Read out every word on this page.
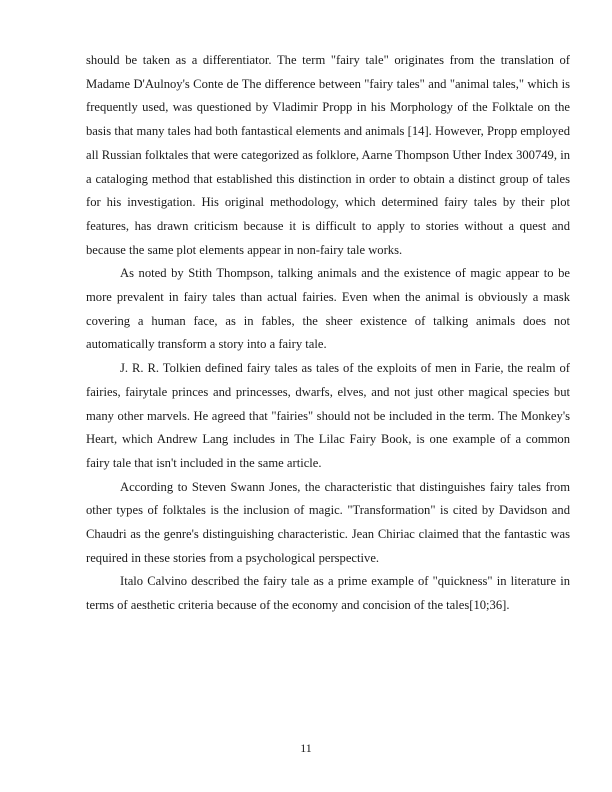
should be taken as a differentiator. The term "fairy tale" originates from the translation of Madame D'Aulnoy's Conte de The difference between "fairy tales" and "animal tales," which is frequently used, was questioned by Vladimir Propp in his Morphology of the Folktale on the basis that many tales had both fantastical elements and animals [14]. However, Propp employed all Russian folktales that were categorized as folklore, Aarne Thompson Uther Index 300749, in a cataloging method that established this distinction in order to obtain a distinct group of tales for his investigation. His original methodology, which determined fairy tales by their plot features, has drawn criticism because it is difficult to apply to stories without a quest and because the same plot elements appear in non-fairy tale works.

As noted by Stith Thompson, talking animals and the existence of magic appear to be more prevalent in fairy tales than actual fairies. Even when the animal is obviously a mask covering a human face, as in fables, the sheer existence of talking animals does not automatically transform a story into a fairy tale.

J. R. R. Tolkien defined fairy tales as tales of the exploits of men in Farie, the realm of fairies, fairytale princes and princesses, dwarfs, elves, and not just other magical species but many other marvels. He agreed that "fairies" should not be included in the term. The Monkey's Heart, which Andrew Lang includes in The Lilac Fairy Book, is one example of a common fairy tale that isn't included in the same article.

According to Steven Swann Jones, the characteristic that distinguishes fairy tales from other types of folktales is the inclusion of magic. "Transformation" is cited by Davidson and Chaudri as the genre's distinguishing characteristic. Jean Chiriac claimed that the fantastic was required in these stories from a psychological perspective.

Italo Calvino described the fairy tale as a prime example of "quickness" in literature in terms of aesthetic criteria because of the economy and concision of the tales[10;36].

11
